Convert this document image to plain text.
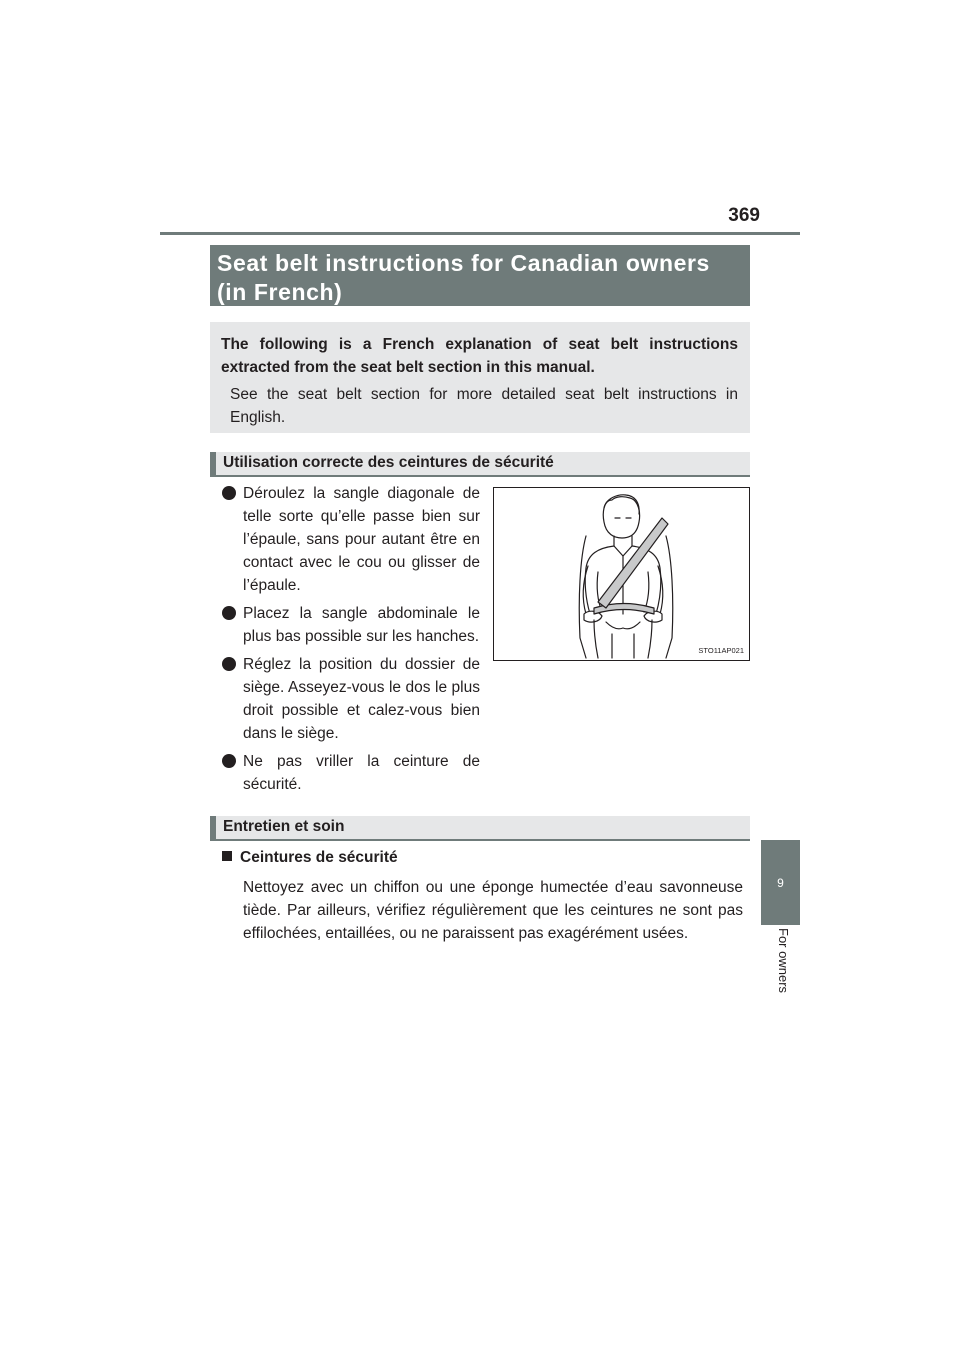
369
9
For owners
Seat belt instructions for Canadian owners
(in French)

The following is a French explanation of seat belt instructions extracted from the seat belt section in this manual.

See the seat belt section for more detailed seat belt instructions in English.

Utilisation correcte des ceintures de sécurité
Déroulez la sangle diagonale de telle sorte qu’elle passe bien sur l’épaule, sans pour autant être en contact avec le cou ou glisser de l’épaule.
Placez la sangle abdominale le plus bas possible sur les hanches.
Réglez la position du dossier de siège. Asseyez-vous le dos le plus droit possible et calez-vous bien dans le siège.
Ne pas vriller la ceinture de sécurité.
STO11AP021
Entretien et soin
Ceintures de sécurité

Nettoyez avec un chiffon ou une éponge humectée d’eau savonneuse tiède. Par ailleurs, vérifiez régulièrement que les ceintures ne sont pas effilochées, entaillées, ou ne paraissent pas exagérément usées.
